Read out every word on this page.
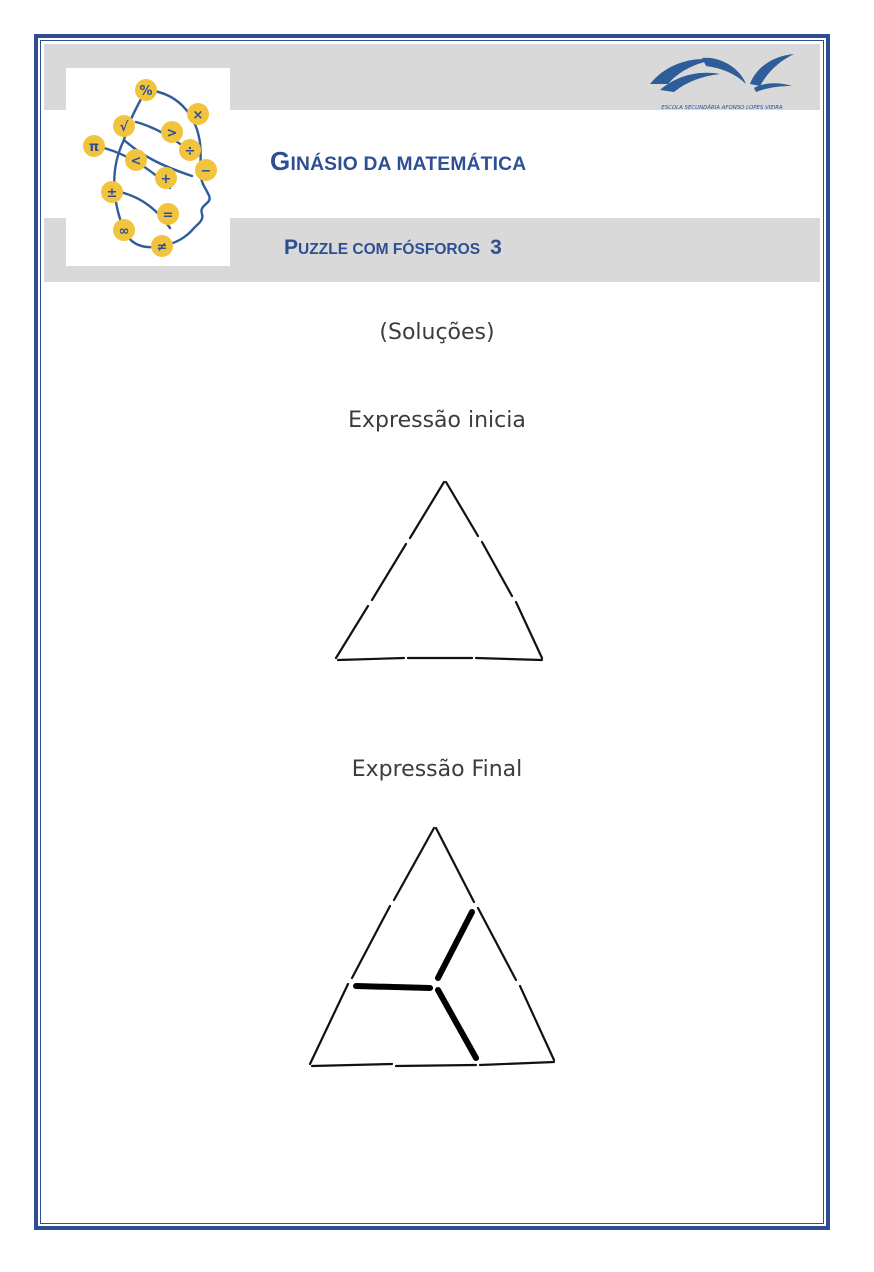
%
×
√	>
π
<
÷
−
+
±
=
∞
≠
ESCOLA SECUNDÁRIA AFONSO LOPES VIEIRA
GINÁSIO DA MATEMÁTICA
PUZZLE COM FÓSFOROS 3
(Soluções)
Expressão inicia
Expressão Final
